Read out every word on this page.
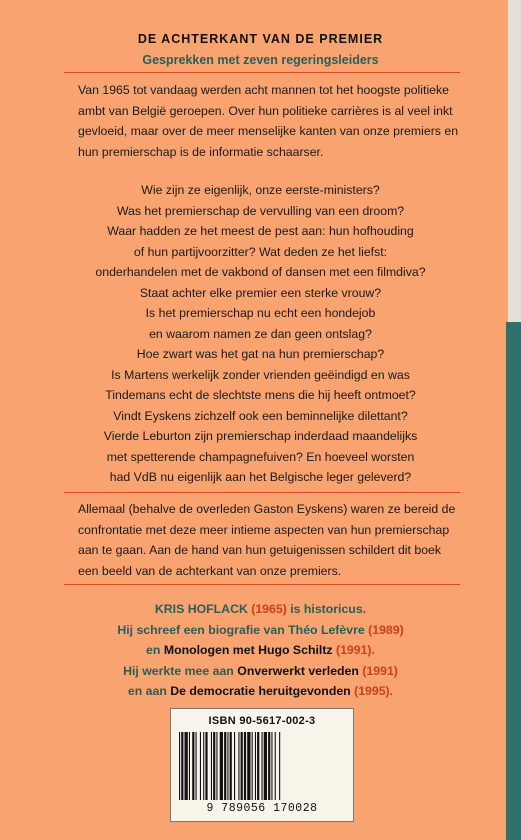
DE ACHTERKANT VAN DE PREMIER
Gesprekken met zeven regeringsleiders
Van 1965 tot vandaag werden acht mannen tot het hoogste politieke
ambt van België geroepen. Over hun politieke carrières is al veel inkt
gevloeid, maar over de meer menselijke kanten van onze premiers en
hun premierschap is de informatie schaarser.
Wie zijn ze eigenlijk, onze eerste-ministers?
Was het premierschap de vervulling van een droom?
Waar hadden ze het meest de pest aan: hun hofhouding
of hun partijvoorzitter? Wat deden ze het liefst:
onderhandelen met de vakbond of dansen met een filmdiva?
Staat achter elke premier een sterke vrouw?
Is het premierschap nu echt een hondejob
en waarom namen ze dan geen ontslag?
Hoe zwart was het gat na hun premierschap?
Is Martens werkelijk zonder vrienden geëindigd en was
Tindemans echt de slechtste mens die hij heeft ontmoet?
Vindt Eyskens zichzelf ook een beminnelijke dilettant?
Vierde Leburton zijn premierschap inderdaad maandelijks
met spetterende champagnefuiven? En hoeveel worsten
had VdB nu eigenlijk aan het Belgische leger geleverd?
Allemaal (behalve de overleden Gaston Eyskens) waren ze bereid de
confrontatie met deze meer intieme aspecten van hun premierschap
aan te gaan. Aan de hand van hun getuigenissen schildert dit boek
een beeld van de achterkant van onze premiers.
KRIS HOFLACK (1965) is historicus.
Hij schreef een biografie van Théo Lefèvre (1989)
en Monologen met Hugo Schiltz (1991).
Hij werkte mee aan Onverwerkt verleden (1991)
en aan De democratie heruitgevonden (1995).
ISBN 90-5617-002-3
9 789056 170028
